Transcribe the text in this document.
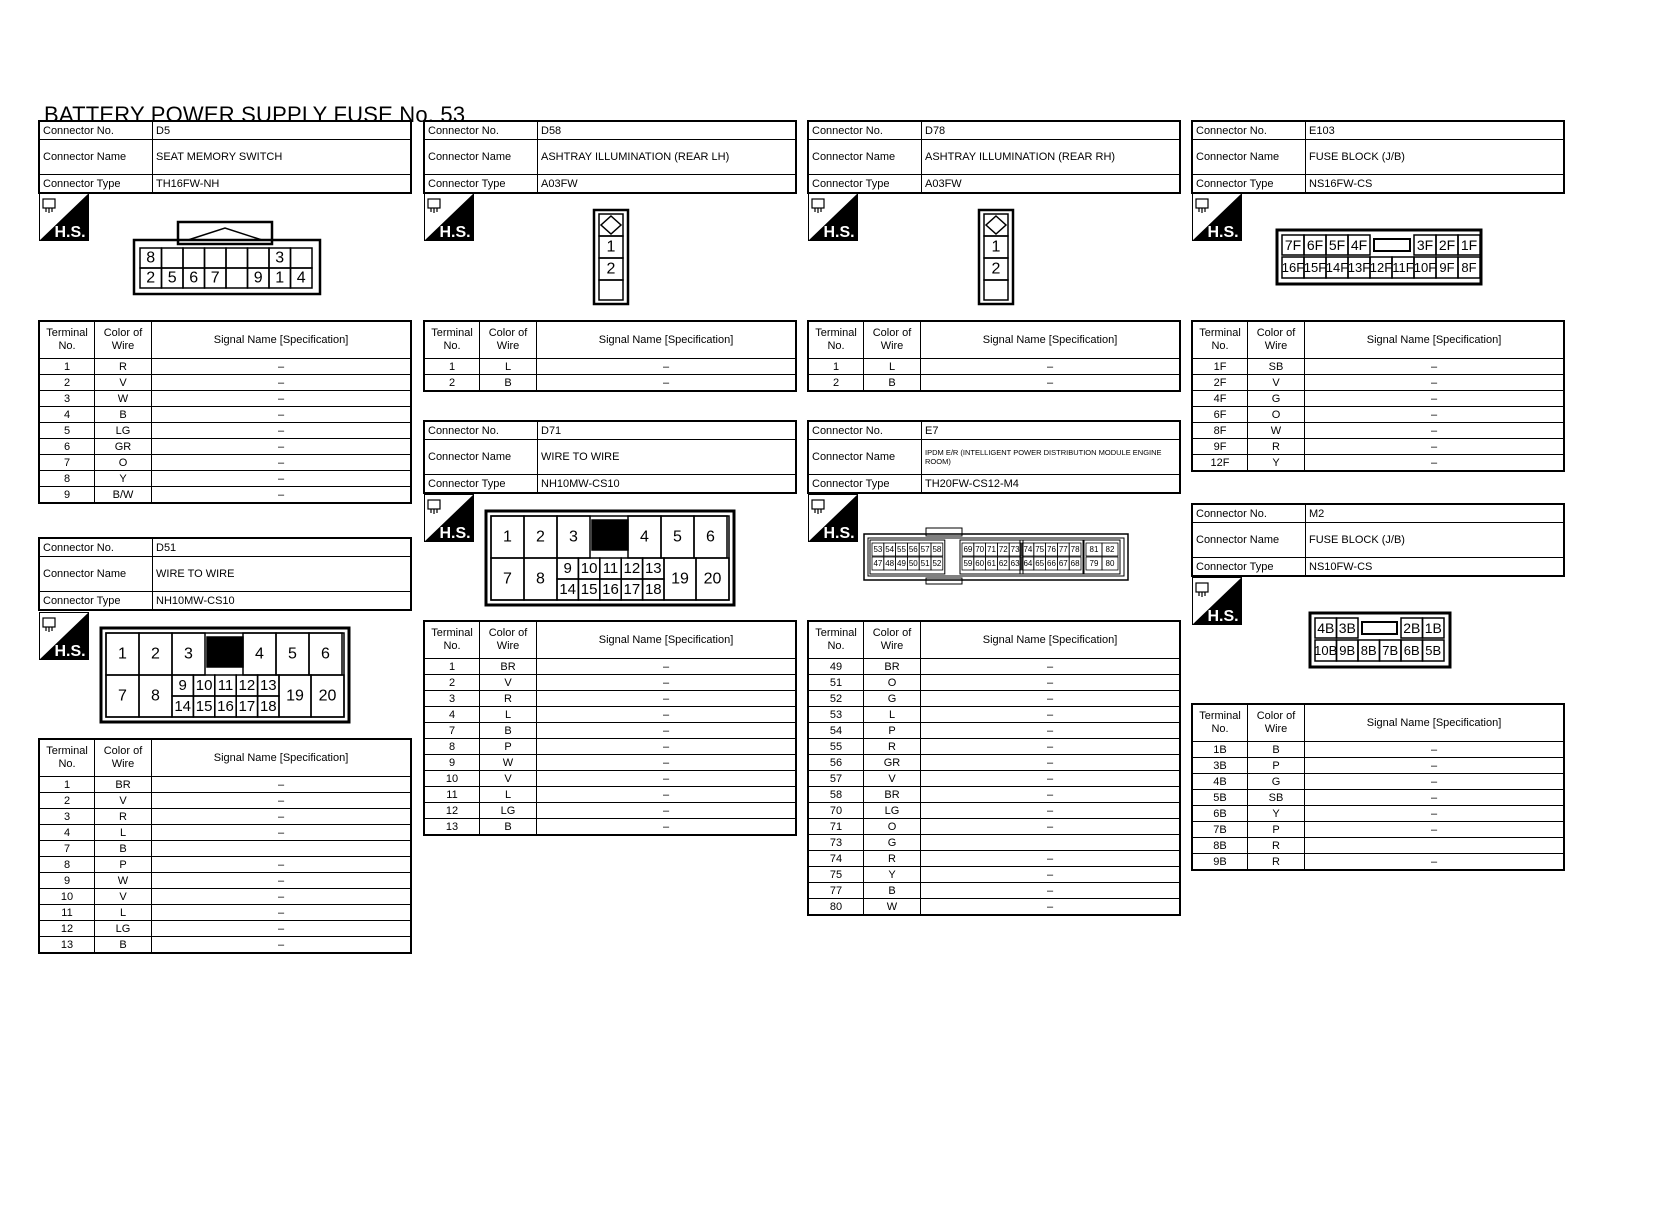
BATTERY POWER SUPPLY FUSE No. 53
Connector No.	D5
Connector Name	SEAT MEMORY SWITCH
Connector Type	TH16FW-NH
Connector No.	D51
Connector Name	WIRE TO WIRE
Connector Type	NH10MW-CS10
Connector No.	D58
Connector Name	ASHTRAY ILLUMINATION (REAR LH)
Connector Type	A03FW
Connector No.	D71
Connector Name	WIRE TO WIRE
Connector Type	NH10MW-CS10
Connector No.	D78
Connector Name	ASHTRAY ILLUMINATION (REAR RH)
Connector Type	A03FW
Connector No.	E7
Connector Name	IPDM E/R (INTELLIGENT POWER DISTRIBUTION MODULE ENGINE ROOM)
Connector Type	TH20FW-CS12-M4
Connector No.	E103
Connector Name	FUSE BLOCK (J/B)
Connector Type	NS16FW-CS
Connector No.	M2
Connector Name	FUSE BLOCK (J/B)
Connector Type	NS10FW-CS
H.S.
H.S.
H.S.
H.S.
H.S.
H.S.
H.S.
H.S.
Terminal No.	Color of Wire	Signal Name [Specification]
1	R	–
2	V	–
3	W	–
4	B	–
5	LG	–
6	GR	–
7	O	–
8	Y	–
9	B/W	–
Terminal No.	Color of Wire	Signal Name [Specification]
1	BR	–
2	V	–
3	R	–
4	L	–
7	B	
8	P	–
9	W	–
10	V	–
11	L	–
12	LG	–
13	B	–
Terminal No.	Color of Wire	Signal Name [Specification]
1	L	–
2	B	–
Terminal No.	Color of Wire	Signal Name [Specification]
1	BR	–
2	V	–
3	R	–
4	L	–
7	B	–
8	P	–
9	W	–
10	V	–
11	L	–
12	LG	–
13	B	–
Terminal No.	Color of Wire	Signal Name [Specification]
1	L	–
2	B	–
Terminal No.	Color of Wire	Signal Name [Specification]
49	BR	–
51	O	–
52	G	–
53	L	–
54	P	–
55	R	–
56	GR	–
57	V	–
58	BR	–
70	LG	–
71	O	–
73	G	
74	R	–
75	Y	–
77	B	–
80	W	–
Terminal No.	Color of Wire	Signal Name [Specification]
1F	SB	–
2F	V	–
4F	G	–
6F	O	–
8F	W	–
9F	R	–
12F	Y	–
Terminal No.	Color of Wire	Signal Name [Specification]
1B	B	–
3B	P	–
4B	G	–
5B	SB	–
6B	Y	–
7B	P	–
8B	R	
9B	R	–
8	3
2 5 6 7 9 1 4
1
2
1
2
1 2 3	4 5 6
7 8
9
14
10
15
11
16
12
17
13
18
19 20
1 2 3	4 5 6
7 8
9
14
10
15
11
16
12
17
13
18
19 20
53
47
54
48
55
49
56
50
57
51
58
52
69
59
70
60
71
61
72
62
73
63
74
64
75
65
76
66
77
67
78
68
81
79
82
80
7F 6F 5F 4F	3F 2F 1F
16F 15F 14F 13F 12F 11F 10F 9F 8F
4B 3B	2B 1B
10B 9B 8B 7B 6B 5B
